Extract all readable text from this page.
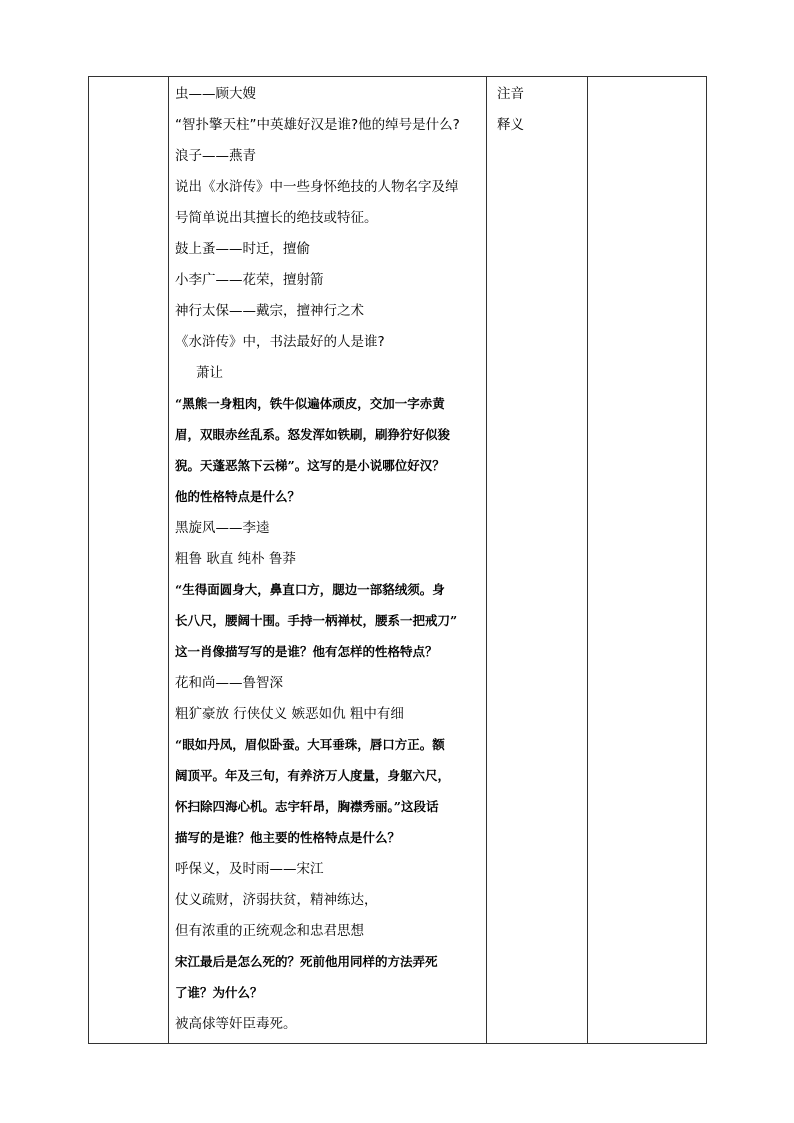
虫——顾大嫂
“智扑擎天柱”中英雄好汉是谁?他的绰号是什么?
浪子——燕青
说出《水浒传》中一些身怀绝技的人物名字及绰
号简单说出其擅长的绝技或特征。
鼓上蚤——时迁，擅偷
小李广——花荣，擅射箭
神行太保——戴宗，擅神行之术
《水浒传》中，书法最好的人是谁?
萧让
“黑熊一身粗肉，铁牛似遍体顽皮，交加一字赤黄
眉，双眼赤丝乱系。怒发浑如铁刷，刷狰狞好似狻
猊。天蓬恶煞下云梯”。这写的是小说哪位好汉？
他的性格特点是什么？
黑旋风——李逵
粗鲁 耿直 纯朴 鲁莽
“生得面圆身大，鼻直口方，腮边一部貉绒须。身
长八尺，腰阔十围。手持一柄禅杖，腰系一把戒刀”
这一肖像描写写的是谁？他有怎样的性格特点？
花和尚——鲁智深
粗犷豪放 行侠仗义 嫉恶如仇 粗中有细
“眼如丹凤，眉似卧蚕。大耳垂珠，唇口方正。额
阔顶平。年及三旬，有养济万人度量，身躯六尺，
怀扫除四海心机。志宇轩昂，胸襟秀丽。”这段话
描写的是谁？他主要的性格特点是什么？
呼保义，及时雨——宋江
仗义疏财，济弱扶贫，精神练达，
但有浓重的正统观念和忠君思想
宋江最后是怎么死的？死前他用同样的方法弄死
了谁？为什么？
被高俅等奸臣毒死。
注音
释义
